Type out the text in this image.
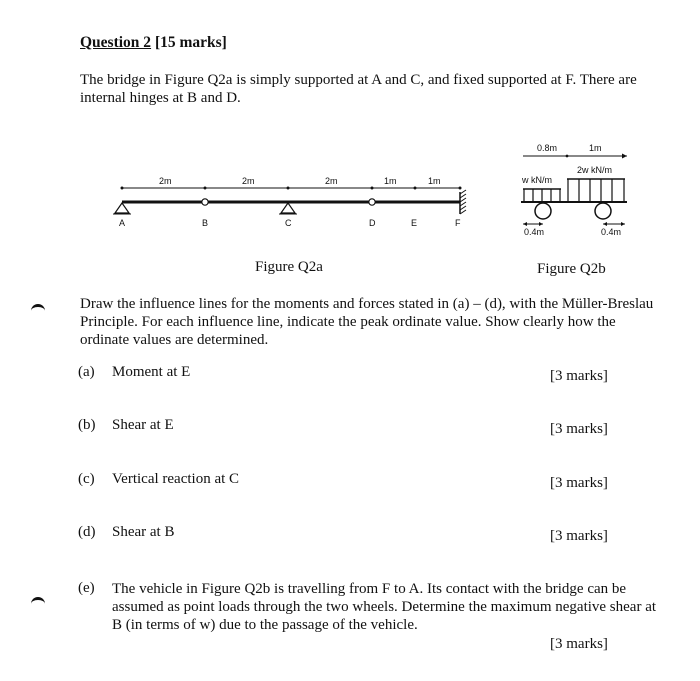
Question 2 [15 marks]
The bridge in Figure Q2a is simply supported at A and C, and fixed supported at F. There are internal hinges at B and D.
2m	2m	2m	1m	1m
A	B	C	D	E	F
0.8m	1m
2w kN/m
w kN/m
0.4m	0.4m
Figure Q2a	Figure Q2b
Draw the influence lines for the moments and forces stated in (a) – (d), with the Müller-Breslau Principle. For each influence line, indicate the peak ordinate value. Show clearly how the ordinate values are determined.
(a) Moment at E	[3 marks]
(b) Shear at E	[3 marks]
(c) Vertical reaction at C	[3 marks]
(d) Shear at B	[3 marks]
(e) The vehicle in Figure Q2b is travelling from F to A. Its contact with the bridge can be assumed as point loads through the two wheels. Determine the maximum negative shear at B (in terms of w) due to the passage of the vehicle.
[3 marks]
